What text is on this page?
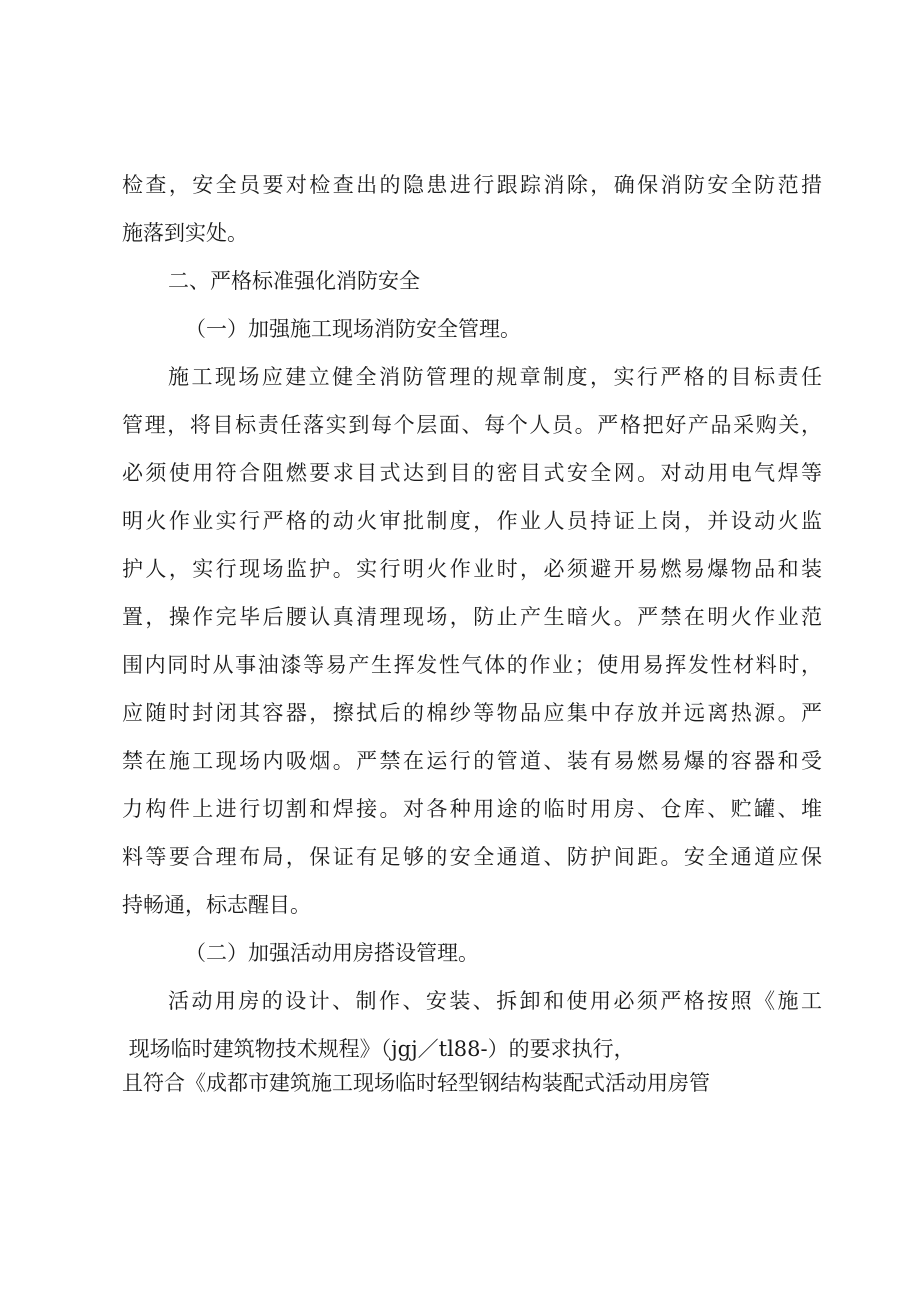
检查，安全员要对检查出的隐患进行跟踪消除，确保消防安全防范措
施落到实处。
二、严格标准强化消防安全
（一）加强施工现场消防安全管理。
施工现场应建立健全消防管理的规章制度，实行严格的目标责任
管理，将目标责任落实到每个层面、每个人员。严格把好产品采购关，
必须使用符合阻燃要求目式达到目的密目式安全网。对动用电气焊等
明火作业实行严格的动火审批制度，作业人员持证上岗，并设动火监
护人，实行现场监护。实行明火作业时，必须避开易燃易爆物品和装
置，操作完毕后腰认真清理现场，防止产生暗火。严禁在明火作业范
围内同时从事油漆等易产生挥发性气体的作业；使用易挥发性材料时，
应随时封闭其容器，擦拭后的棉纱等物品应集中存放并远离热源。严
禁在施工现场内吸烟。严禁在运行的管道、装有易燃易爆的容器和受
力构件上进行切割和焊接。对各种用途的临时用房、仓库、贮罐、堆
料等要合理布局，保证有足够的安全通道、防护间距。安全通道应保
持畅通，标志醒目。
（二）加强活动用房搭设管理。
活动用房的设计、制作、安装、拆卸和使用必须严格按照《施工
现场临时建筑物技术规程》（jgj／tl88-）的要求执行，
且符合《成都市建筑施工现场临时轻型钢结构装配式活动用房管
